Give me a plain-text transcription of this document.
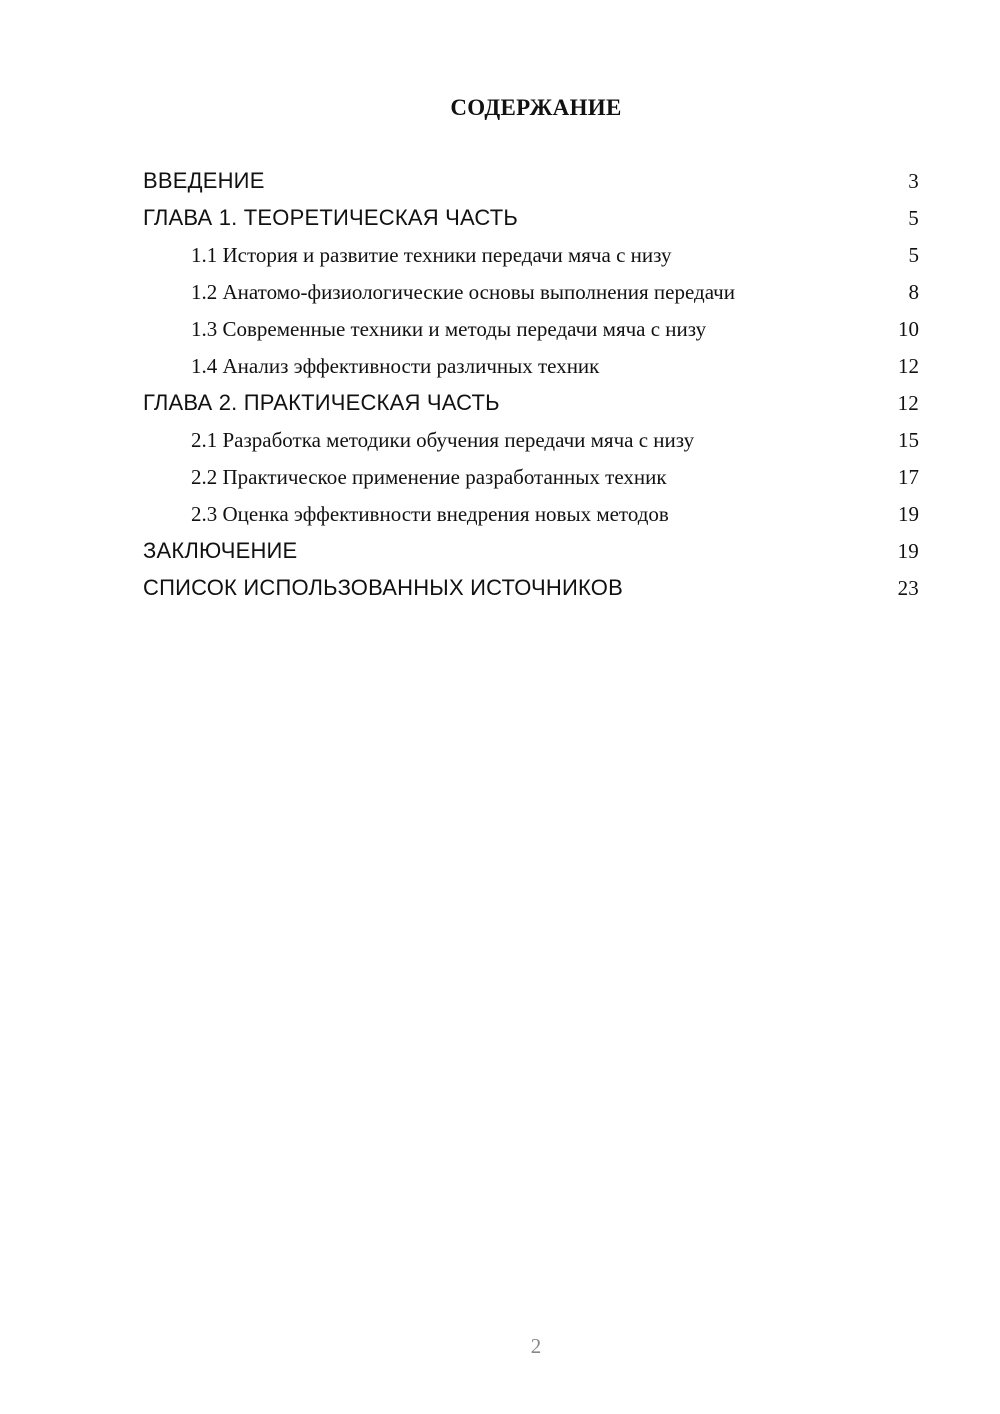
СОДЕРЖАНИЕ
ВВЕДЕНИЕ	3
ГЛАВА 1. ТЕОРЕТИЧЕСКАЯ ЧАСТЬ	5
1.1 История и развитие техники передачи мяча с низу	5
1.2 Анатомо-физиологические основы выполнения передачи	8
1.3 Современные техники и методы передачи мяча с низу	10
1.4 Анализ эффективности различных техник	12
ГЛАВА 2. ПРАКТИЧЕСКАЯ ЧАСТЬ	12
2.1 Разработка методики обучения передачи мяча с низу	15
2.2 Практическое применение разработанных техник	17
2.3 Оценка эффективности внедрения новых методов	19
ЗАКЛЮЧЕНИЕ	19
СПИСОК ИСПОЛЬЗОВАННЫХ ИСТОЧНИКОВ	23
2
